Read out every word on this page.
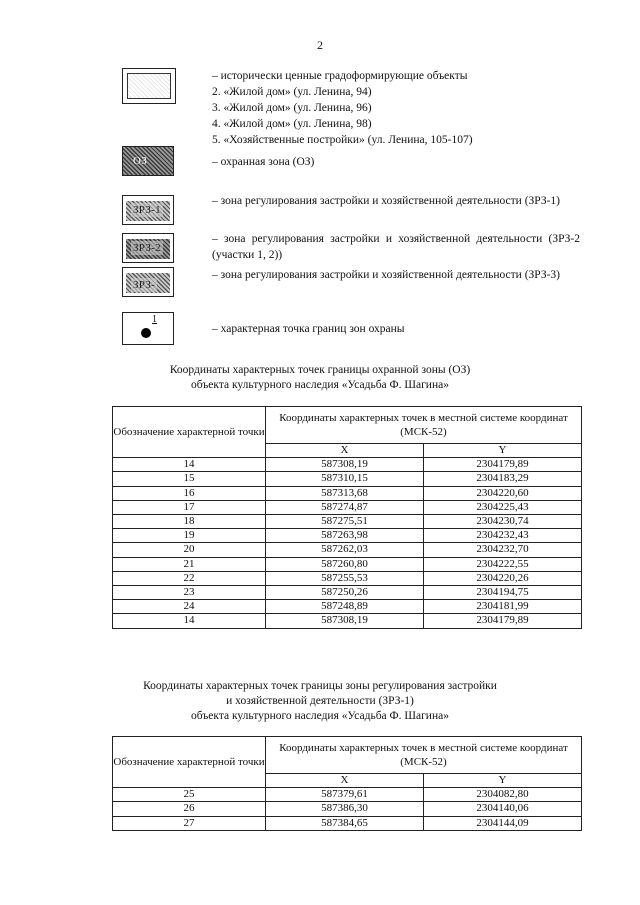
2
– исторически ценные градоформирующие объекты
2. «Жилой дом» (ул. Ленина, 94)
3. «Жилой дом» (ул. Ленина, 96)
4. «Жилой дом» (ул. Ленина, 98)
5. «Хозяйственные постройки» (ул. Ленина, 105-107)
ОЗ	– охранная зона (ОЗ)
ЗРЗ-1
– зона регулирования застройки и хозяйственной деятельности (ЗРЗ-1)
ЗРЗ-2
– зона регулирования застройки и хозяйственной деятельности (ЗРЗ-2 (участки 1, 2))
ЗРЗ-
– зона регулирования застройки и хозяйственной деятельности (ЗРЗ-3)
1
– характерная точка границ зон охраны
Координаты характерных точек границы охранной зоны (ОЗ)
объекта культурного наследия «Усадьба Ф. Шагина»
Обозначение характерной точки	Координаты характерных точек в местной системе координат (МСК-52)	
	X	Y
14	587308,19	2304179,89
15	587310,15	2304183,29
16	587313,68	2304220,60
17	587274,87	2304225,43
18	587275,51	2304230,74
19	587263,98	2304232,43
20	587262,03	2304232,70
21	587260,80	2304222,55
22	587255,53	2304220,26
23	587250,26	2304194,75
24	587248,89	2304181,99
14	587308,19	2304179,89
Координаты характерных точек границы зоны регулирования застройки
и хозяйственной деятельности (ЗРЗ-1)
объекта культурного наследия «Усадьба Ф. Шагина»
Обозначение характерной точки	Координаты характерных точек в местной системе координат (МСК-52)	
	X	Y
25	587379,61	2304082,80
26	587386,30	2304140,06
27	587384,65	2304144,09
